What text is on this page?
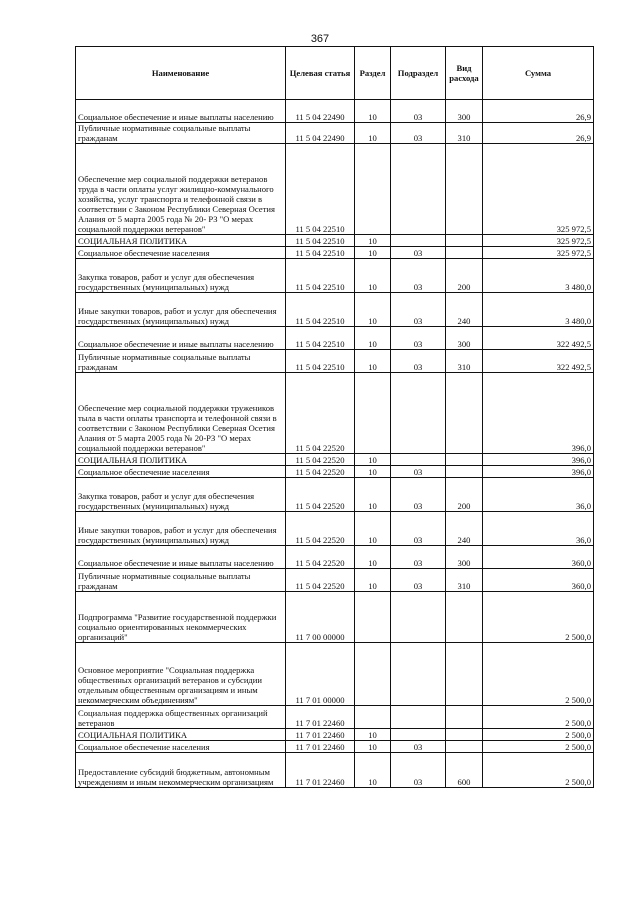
367
Наименование	Целевая статья	Раздел	Подраздел	Вид расхода	Сумма
Социальное обеспечение и иные выплаты населению	11 5 04 22490	10	03	300	26,9
Публичные нормативные социальные выплаты гражданам	11 5 04 22490	10	03	310	26,9
Обеспечение мер социальной поддержки ветеранов труда в части оплаты услуг жилищно-коммунального хозяйства, услуг транспорта и телефонной связи в соответствии с Законом Республики Северная Осетия Алания от 5 марта 2005 года № 20- РЗ "О мерах социальной поддержки ветеранов"	11 5 04 22510				325 972,5
СОЦИАЛЬНАЯ ПОЛИТИКА	11 5 04 22510	10			325 972,5
Социальное обеспечение населения	11 5 04 22510	10	03		325 972,5
Закупка товаров, работ и услуг для обеспечения государственных (муниципальных) нужд	11 5 04 22510	10	03	200	3 480,0
Иные закупки товаров, работ и услуг для обеспечения государственных (муниципальных) нужд	11 5 04 22510	10	03	240	3 480,0
Социальное обеспечение и иные выплаты населению	11 5 04 22510	10	03	300	322 492,5
Публичные нормативные социальные выплаты гражданам	11 5 04 22510	10	03	310	322 492,5
Обеспечение мер социальной поддержки тружеников тыла в части оплаты транспорта и телефонной связи в соответствии с Законом Республики Северная Осетия Алания от 5 марта 2005 года № 20-РЗ "О мерах социальной поддержки ветеранов"	11 5 04 22520				396,0
СОЦИАЛЬНАЯ ПОЛИТИКА	11 5 04 22520	10			396,0
Социальное обеспечение населения	11 5 04 22520	10	03		396,0
Закупка товаров, работ и услуг для обеспечения государственных (муниципальных) нужд	11 5 04 22520	10	03	200	36,0
Иные закупки товаров, работ и услуг для обеспечения государственных (муниципальных) нужд	11 5 04 22520	10	03	240	36,0
Социальное обеспечение и иные выплаты населению	11 5 04 22520	10	03	300	360,0
Публичные нормативные социальные выплаты гражданам	11 5 04 22520	10	03	310	360,0
Подпрограмма "Развитие государственной поддержки социально ориентированных некоммерческих организаций"	11 7 00 00000				2 500,0
Основное мероприятие "Социальная поддержка общественных организаций ветеранов и субсидии отдельным общественным организациям и иным некоммерческим объединениям"	11 7 01 00000				2 500,0
Социальная поддержка общественных организаций ветеранов	11 7 01 22460				2 500,0
СОЦИАЛЬНАЯ ПОЛИТИКА	11 7 01 22460	10			2 500,0
Социальное обеспечение населения	11 7 01 22460	10	03		2 500,0
Предоставление субсидий бюджетным, автономным учреждениям и иным некоммерческим организациям	11 7 01 22460	10	03	600	2 500,0
